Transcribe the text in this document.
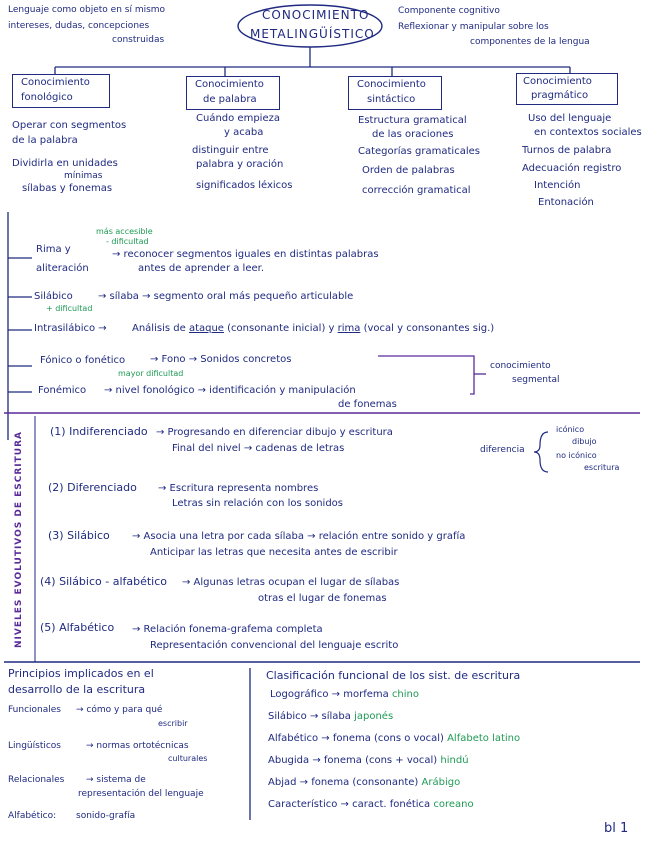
Lenguaje como objeto en sí mismo
intereses, dudas, concepciones
construidas
CONOCIMIENTO
METALINGÜÍSTICO
Componente cognitivo
Reflexionar y manipular sobre los
componentes de la lengua
Conocimiento
fonológico
Conocimiento
de palabra
Conocimiento
sintáctico
Conocimiento
pragmático
Operar con segmentos
de la palabra
Dividirla en unidades
mínimas
sílabas y fonemas
Cuándo empieza
y acaba
distinguir entre
palabra y oración
significados léxicos
Estructura gramatical
de las oraciones
Categorías gramaticales
Orden de palabras
corrección gramatical
Uso del lenguaje
en contextos sociales
Turnos de palabra
Adecuación registro
Intención
Entonación
Rima y
aliteración
más accesible
- dificultad
→ reconocer segmentos iguales en distintas palabras
antes de aprender a leer.
Silábico
+ dificultad
→ sílaba → segmento oral más pequeño articulable
Intrasilábico →	Análisis de ataque (consonante inicial) y rima (vocal y consonantes sig.)
Fónico o fonético → Fono → Sonidos concretos
mayor dificultad
Fonémico → nivel fonológico → identificación y manipulación
de fonemas
conocimiento
segmental
NIVELES EVOLUTIVOS DE ESCRITURA (1) Indiferenciado → Progresando en diferenciar dibujo y escritura
Final del nivel → cadenas de letras	diferencia
icónico
dibujo
no icónico
escritura
(2) Diferenciado → Escritura representa nombres
Letras sin relación con los sonidos
(3) Silábico → Asocia una letra por cada sílaba → relación entre sonido y grafía
Anticipar las letras que necesita antes de escribir
(4) Silábico - alfabético → Algunas letras ocupan el lugar de sílabas
otras el lugar de fonemas
(5) Alfabético → Relación fonema-grafema completa
Representación convencional del lenguaje escrito
Principios implicados en el
desarrollo de la escritura
Funcionales → cómo y para qué
escribir
Lingüísticos	→ normas ortotécnicas
culturales
Relacionales → sistema de
representación del lenguaje
Alfabético: sonido-grafía
Clasificación funcional de los sist. de escritura
Logográfico → morfema chino
Silábico → sílaba japonés
Alfabético → fonema (cons o vocal) Alfabeto latino
Abugida → fonema (cons + vocal) hindú
Abjad → fonema (consonante) Arábigo
Característico → caract. fonética coreano
bl 1
